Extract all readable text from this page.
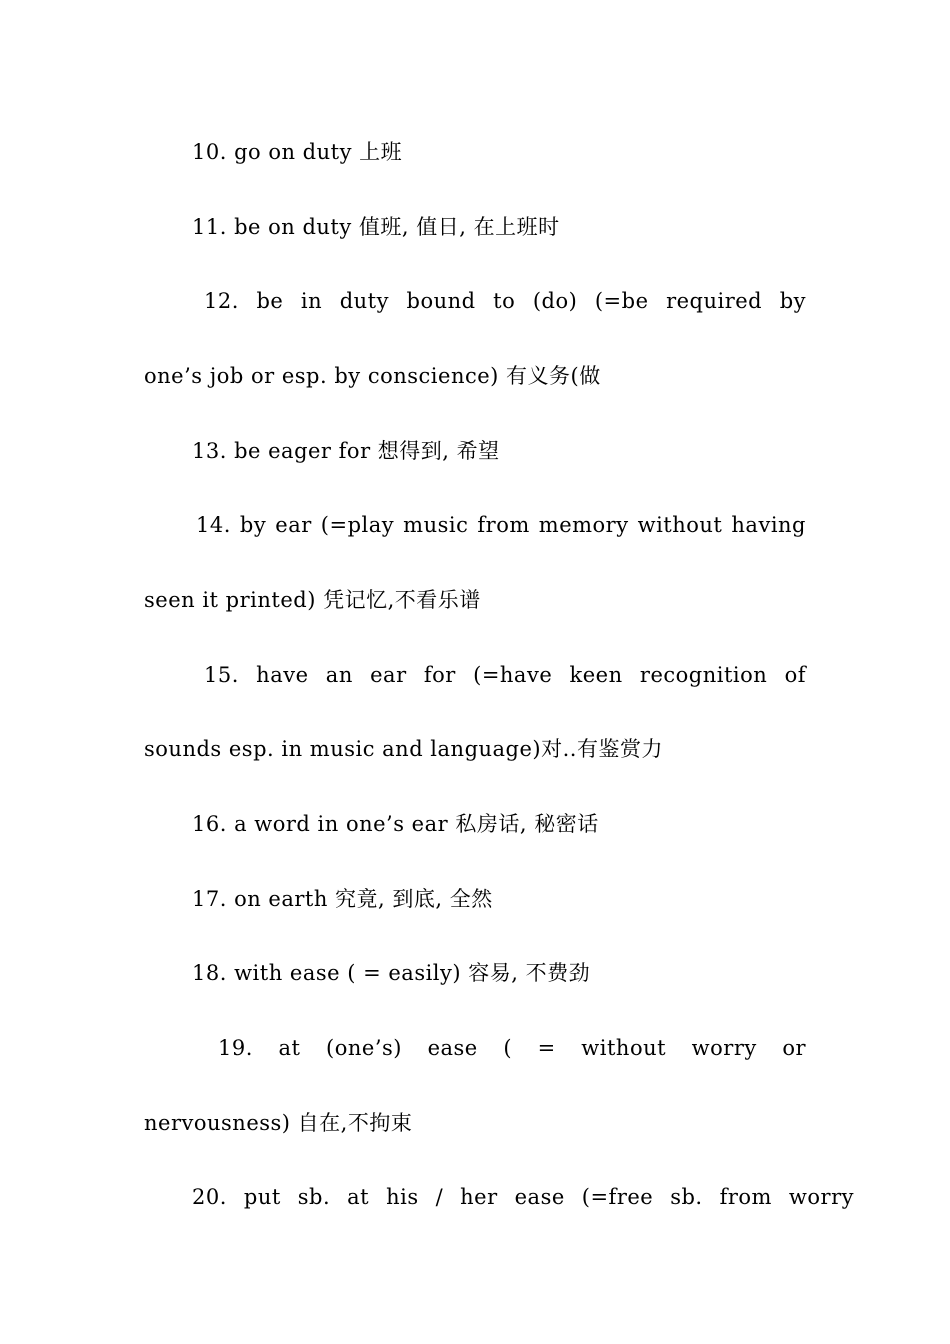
10. go on duty 上班
11. be on duty 值班, 值日, 在上班时
12. be in duty bound to (do) (=be required by
one’s job or esp. by conscience) 有义务(做
13. be eager for 想得到, 希望
14. by ear (=play music from memory without having
seen it printed) 凭记忆,不看乐谱
15. have an ear for (=have keen recognition of
sounds esp. in music and language)对..有鉴赏力
16. a word in one’s ear 私房话, 秘密话
17. on earth 究竟, 到底, 全然
18. with ease ( = easily) 容易, 不费劲
19. at (one’s) ease ( = without worry or
nervousness) 自在,不拘束
20. put sb. at his / her ease (=free sb. from worry
